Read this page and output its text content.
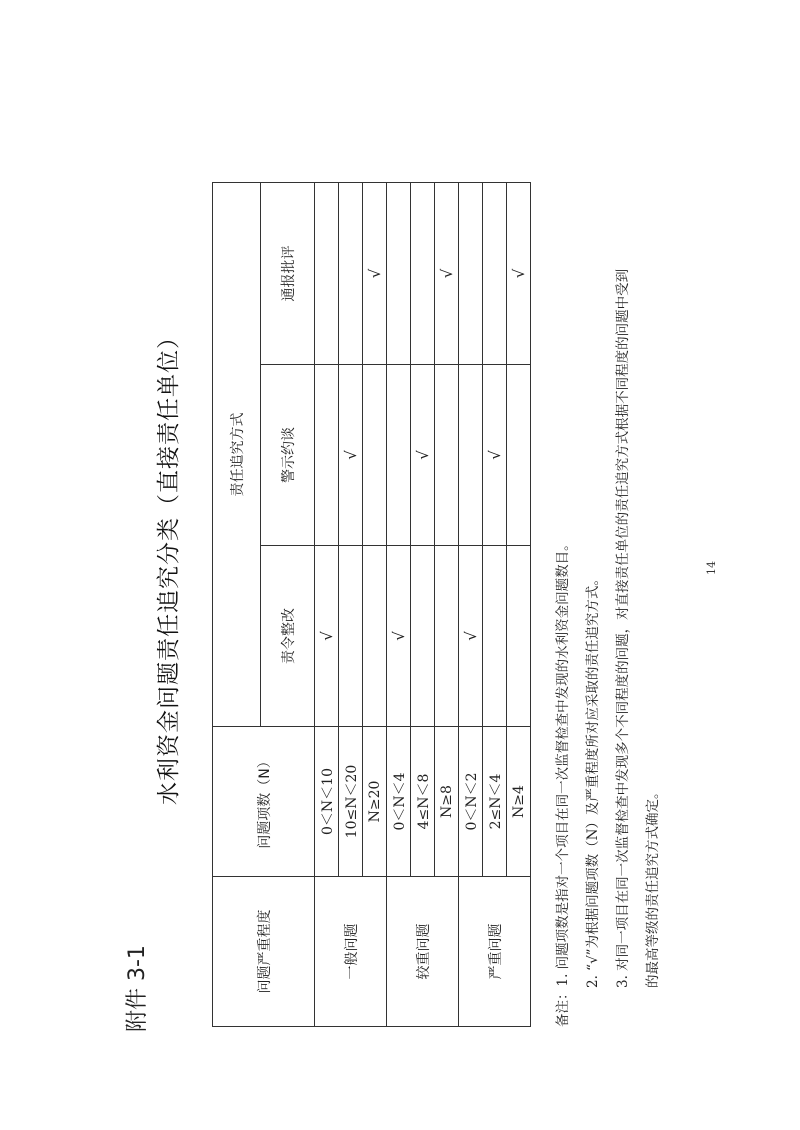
附件 3-1
水利资金问题责任追究分类（直接责任单位）
问题严重程度	问题项数（N）	责任追究方式		
		责令整改	警示约谈	通报批评
一般问题	0＜N＜10	√		
	10≤N＜20		√	
	N≥20			√
较重问题	0＜N＜4	√		
	4≤N＜8		√	
	N≥8			√
严重问题	0＜N＜2	√		
	2≤N＜4		√	
	N≥4			√
备注：1. 问题项数是指对一个项目在同一次监督检查中发现的水利资金问题数目。	2. “√”为根据问题项数（N）及严重程度所对应采取的责任追究方式。	3. 对同一项目在同一次监督检查中发现多个不同程度的问题，对直接责任单位的责任追究方式根据不同程度的问题中受到	的最高等级的责任追究方式确定。
14
